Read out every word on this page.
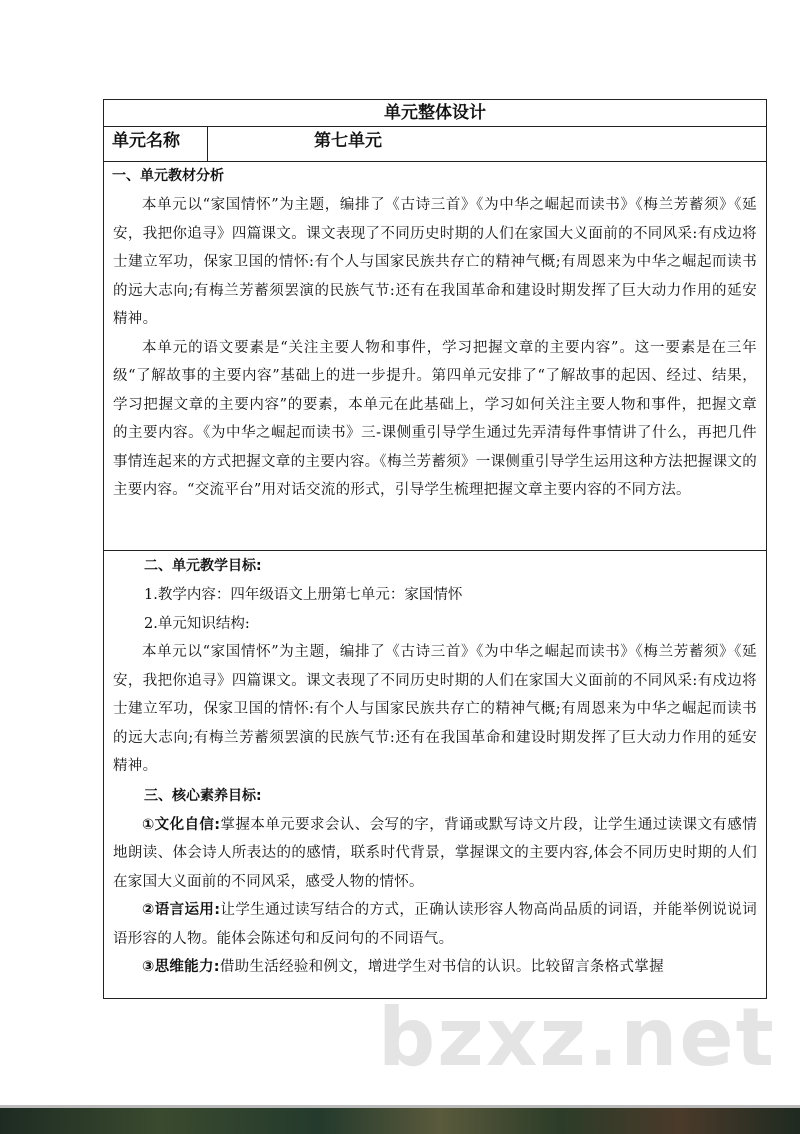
单元整体设计
单元名称	第七单元
一、单元教材分析

本单元以“家国情怀”为主题，编排了《古诗三首》《为中华之崛起而读书》《梅兰芳蓄须》《延安，我把你追寻》四篇课文。课文表现了不同历史时期的人们在家国大义面前的不同风采:有戍边将士建立军功，保家卫国的情怀:有个人与国家民族共存亡的精神气概;有周恩来为中华之崛起而读书的远大志向;有梅兰芳蓄须罢演的民族气节:还有在我国革命和建设时期发挥了巨大动力作用的延安精神。

本单元的语文要素是“关注主要人物和事件，学习把握文章的主要内容”。这一要素是在三年级“了解故事的主要内容”基础上的进一步提升。第四单元安排了“了解故事的起因、经过、结果，学习把握文章的主要内容”的要素，本单元在此基础上，学习如何关注主要人物和事件，把握文章的主要内容。《为中华之崛起而读书》三-课侧重引导学生通过先弄清每件事情讲了什么，再把几件事情连起来的方式把握文章的主要内容。《梅兰芳蓄须》一课侧重引导学生运用这种方法把握课文的主要内容。“交流平台”用对话交流的形式，引导学生梳理把握文章主要内容的不同方法。

二、单元教学目标:

1.教学内容：四年级语文上册第七单元：家国情怀

2.单元知识结构:

本单元以“家国情怀”为主题，编排了《古诗三首》《为中华之崛起而读书》《梅兰芳蓄须》《延安，我把你追寻》四篇课文。课文表现了不同历史时期的人们在家国大义面前的不同风采:有戍边将士建立军功，保家卫国的情怀:有个人与国家民族共存亡的精神气概;有周恩来为中华之崛起而读书的远大志向;有梅兰芳蓄须罢演的民族气节:还有在我国革命和建设时期发挥了巨大动力作用的延安精神。

三、核心素养目标:

①文化自信:掌握本单元要求会认、会写的字，背诵或默写诗文片段，让学生通过读课文有感情地朗读、体会诗人所表达的的感情，联系时代背景，掌握课文的主要内容,体会不同历史时期的人们在家国大义面前的不同风采，感受人物的情怀。

②语言运用:让学生通过读写结合的方式，正确认读形容人物高尚品质的词语，并能举例说说词语形容的人物。能体会陈述句和反问句的不同语气。

③思维能力:借助生活经验和例文，增进学生对书信的认识。比较留言条格式掌握

bzxz.net
